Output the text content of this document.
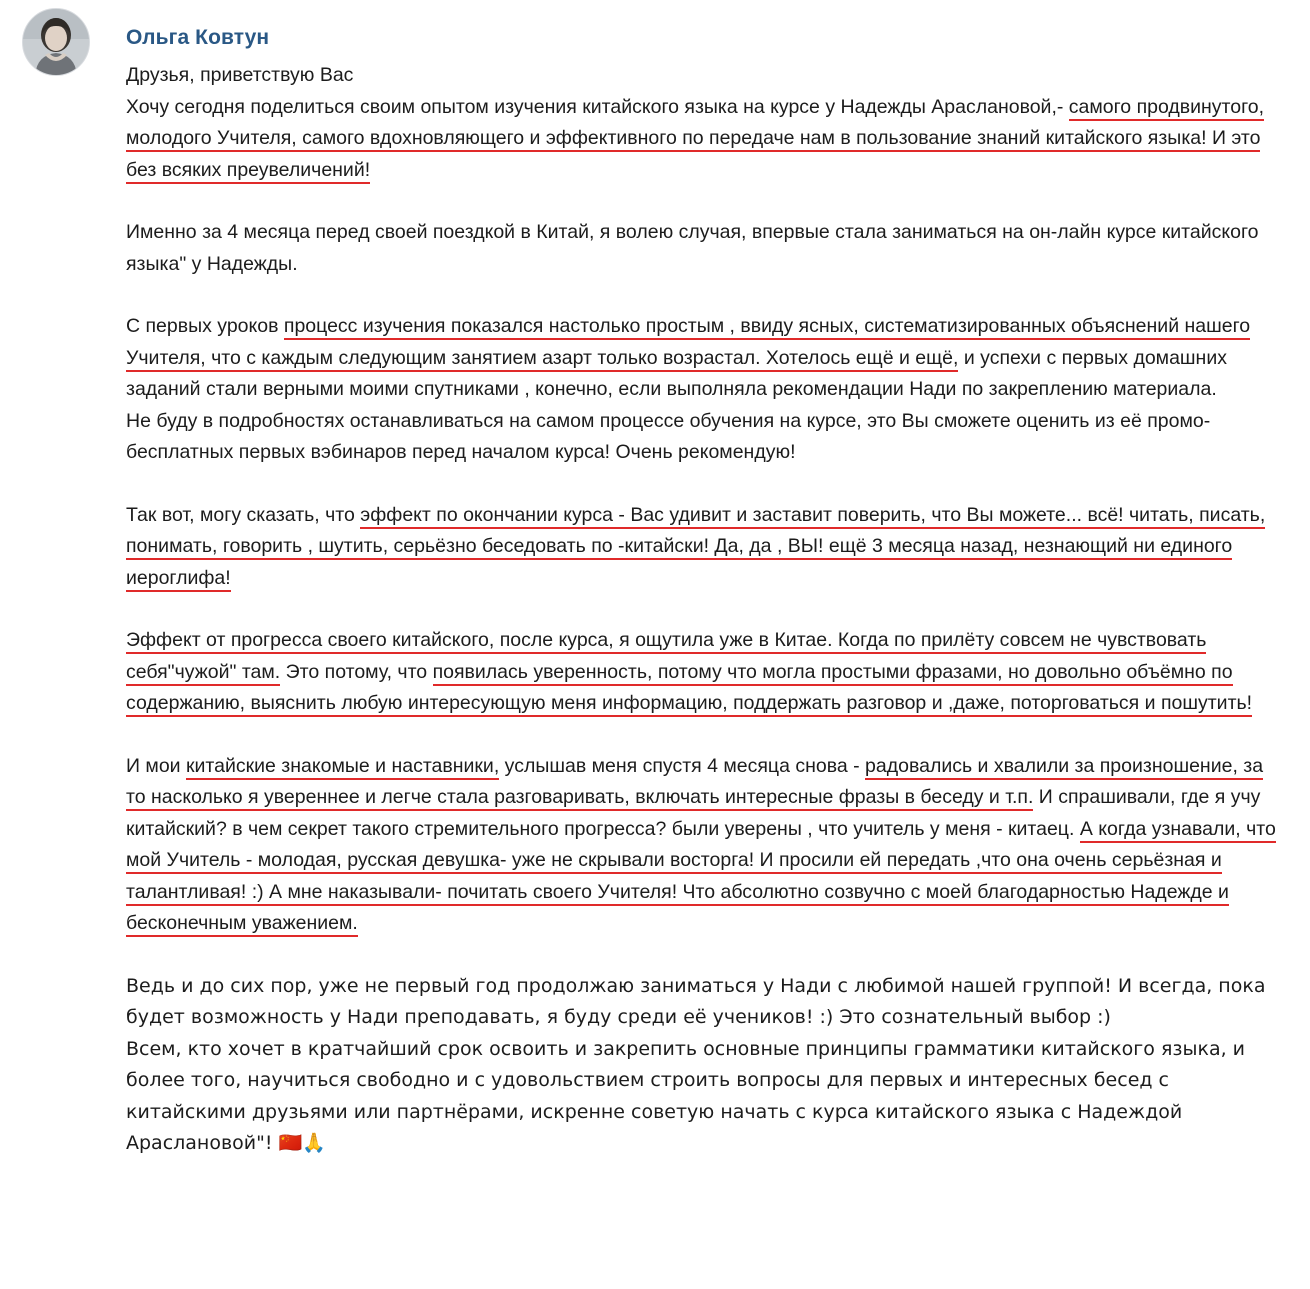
Ольга Ковтун

Друзья, приветствую Вас
Хочу сегодня поделиться своим опытом изучения китайского языка на курсе у Надежды Араслановой,- самого продвинутого, молодого Учителя, самого вдохновляющего и эффективного по передаче нам в пользование знаний китайского языка! И это без всяких преувеличений!

Именно за 4 месяца перед своей поездкой в Китай, я волею случая, впервые стала заниматься на он-лайн курсе китайского языка" у Надежды.

С первых уроков процесс изучения показался настолько простым , ввиду ясных, систематизированных объяснений нашего Учителя, что с каждым следующим занятием азарт только возрастал. Хотелось ещё и ещё, и успехи с первых домашних заданий стали верными моими спутниками , конечно, если выполняла рекомендации Нади по закреплению материала.
Не буду в подробностях останавливаться на самом процессе обучения на курсе, это Вы сможете оценить из её промо-бесплатных первых вэбинаров перед началом курса! Очень рекомендую!

Так вот, могу сказать, что эффект по окончании курса - Вас удивит и заставит поверить, что Вы можете... всё! читать, писать, понимать, говорить , шутить, серьёзно беседовать по -китайски! Да, да , ВЫ! ещё 3 месяца назад, незнающий ни единого иероглифа!

Эффект от прогресса своего китайского, после курса, я ощутила уже в Китае. Когда по прилёту совсем не чувствовать себя"чужой" там. Это потому, что появилась уверенность, потому что могла простыми фразами, но довольно объёмно по содержанию, выяснить любую интересующую меня информацию, поддержать разговор и ,даже, поторговаться и пошутить!

И мои китайские знакомые и наставники, услышав меня спустя 4 месяца снова - радовались и хвалили за произношение, за то насколько я увереннее и легче стала разговаривать, включать интересные фразы в беседу и т.п. И спрашивали, где я учу китайский? в чем секрет такого стремительного прогресса? были уверены , что учитель у меня - китаец. А когда узнавали, что мой Учитель - молодая, русская девушка- уже не скрывали восторга! И просили ей передать ,что она очень серьёзная и талантливая! :) А мне наказывали- почитать своего Учителя! Что абсолютно созвучно с моей благодарностью Надежде и бесконечным уважением.

Ведь и до сих пор, уже не первый год продолжаю заниматься у Нади с любимой нашей группой! И всегда, пока будет возможность у Нади преподавать, я буду среди её учеников! :) Это сознательный выбор :)
Всем, кто хочет в кратчайший срок освоить и закрепить основные принципы грамматики китайского языка, и более того, научиться свободно и с удовольствием строить вопросы для первых и интересных бесед с китайскими друзьями или партнёрами, искренне советую начать с курса китайского языка с Надеждой Араслановой"! 🇨🇳🙏
